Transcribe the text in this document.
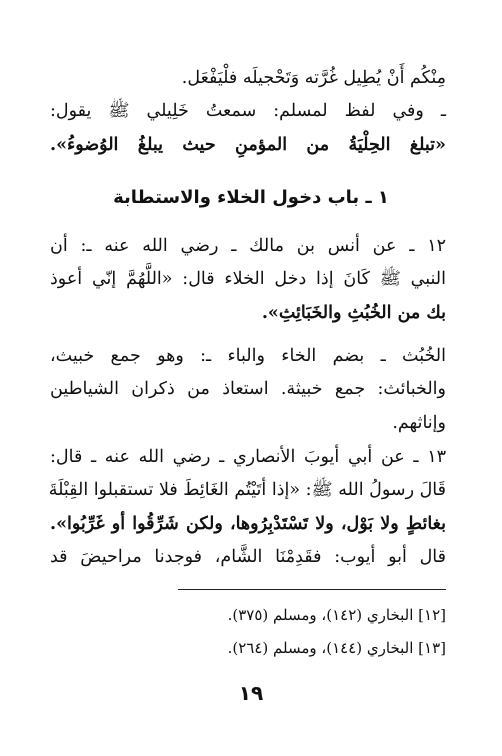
مِنْكُم أَنْ يُطِيل غُرَّته وَتَحْجيلَه فلْيَفْعَل.
ـ وفي لفظ لمسلم: سمعتُ خَلِيلي ﷺ يقول:
«تبلغ الحِلْيَةُ من المؤمنِ حيث يبلغُ الوُضوءُ».
١ ـ باب دخول الخلاء والاستطابة
١٢ ـ عن أنس بن مالك ـ رضي الله عنه ـ: أن
النبي ﷺ كَانَ إذا دخل الخلاء قال: «اللَّهُمَّ إنّي أعوذ
بك من الخُبُثِ والخَبَائِثِ».
الخُبُث ـ بضم الخاء والباء ـ: وهو جمع خبيث،
والخبائث: جمع خبيثة. استعاذ من ذكران الشياطين
وإناثهم.
١٣ ـ عن أبي أيوبَ الأنصاري ـ رضي الله عنه ـ قال:
قَالَ رسولُ الله ﷺ: «إذا أتَيْتُم الغَائِطَ فلا تستقبلوا القِبْلَةَ
بغائطٍ ولا بَوْل، ولا تَسْتَدْبِرُوها، ولكن شَرِّقُوا أو غَرِّبُوا».
قال أبو أيوب: فقَدِمْنَا الشَّام، فوجدنا مراحيضَ قد
[١٢] البخاري (١٤٢)، ومسلم (٣٧٥).
[١٣] البخاري (١٤٤)، ومسلم (٢٦٤).
١٩
